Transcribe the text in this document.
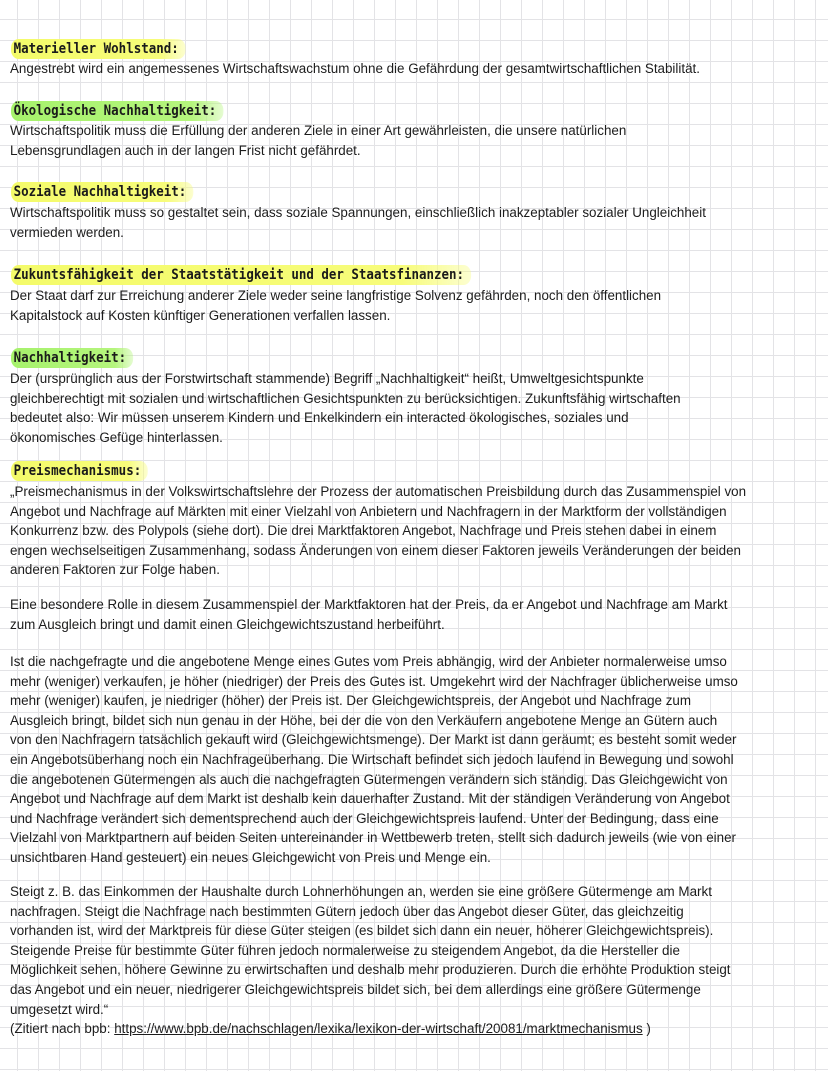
Materieller Wohlstand:
Angestrebt wird ein angemessenes Wirtschaftswachstum ohne die Gefährdung der gesamtwirtschaftlichen Stabilität.
Ökologische Nachhaltigkeit:
Wirtschaftspolitik muss die Erfüllung der anderen Ziele in einer Art gewährleisten, die unsere natürlichen
Lebensgrundlagen auch in der langen Frist nicht gefährdet.
Soziale Nachhaltigkeit:
Wirtschaftspolitik muss so gestaltet sein, dass soziale Spannungen, einschließlich inakzeptabler sozialer Ungleichheit
vermieden werden.
Zukuntsfähigkeit der Staatstätigkeit und der Staatsfinanzen:
Der Staat darf zur Erreichung anderer Ziele weder seine langfristige Solvenz gefährden, noch den öffentlichen
Kapitalstock auf Kosten künftiger Generationen verfallen lassen.
Nachhaltigkeit:
Der (ursprünglich aus der Forstwirtschaft stammende) Begriff „Nachhaltigkeit“ heißt, Umweltgesichtspunkte
gleichberechtigt mit sozialen und wirtschaftlichen Gesichtspunkten zu berücksichtigen. Zukunftsfähig wirtschaften
bedeutet also: Wir müssen unserem Kindern und Enkelkindern ein interacted ökologisches, soziales und
ökonomisches Gefüge hinterlassen.
Preismechanismus:
„Preismechanismus in der Volkswirtschaftslehre der Prozess der automatischen Preisbildung durch das Zusammenspiel von
Angebot und Nachfrage auf Märkten mit einer Vielzahl von Anbietern und Nachfragern in der Marktform der vollständigen
Konkurrenz bzw. des Polypols (siehe dort). Die drei Marktfaktoren Angebot, Nachfrage und Preis stehen dabei in einem
engen wechselseitigen Zusammenhang, sodass Änderungen von einem dieser Faktoren jeweils Veränderungen der beiden
anderen Faktoren zur Folge haben.
Eine besondere Rolle in diesem Zusammenspiel der Marktfaktoren hat der Preis, da er Angebot und Nachfrage am Markt
zum Ausgleich bringt und damit einen Gleichgewichtszustand herbeiführt.
Ist die nachgefragte und die angebotene Menge eines Gutes vom Preis abhängig, wird der Anbieter normalerweise umso
mehr (weniger) verkaufen, je höher (niedriger) der Preis des Gutes ist. Umgekehrt wird der Nachfrager üblicherweise umso
mehr (weniger) kaufen, je niedriger (höher) der Preis ist. Der Gleichgewichtspreis, der Angebot und Nachfrage zum
Ausgleich bringt, bildet sich nun genau in der Höhe, bei der die von den Verkäufern angebotene Menge an Gütern auch
von den Nachfragern tatsächlich gekauft wird (Gleichgewichtsmenge). Der Markt ist dann geräumt; es besteht somit weder
ein Angebotsüberhang noch ein Nachfrageüberhang. Die Wirtschaft befindet sich jedoch laufend in Bewegung und sowohl
die angebotenen Gütermengen als auch die nachgefragten Gütermengen verändern sich ständig. Das Gleichgewicht von
Angebot und Nachfrage auf dem Markt ist deshalb kein dauerhafter Zustand. Mit der ständigen Veränderung von Angebot
und Nachfrage verändert sich dementsprechend auch der Gleichgewichtspreis laufend. Unter der Bedingung, dass eine
Vielzahl von Marktpartnern auf beiden Seiten untereinander in Wettbewerb treten, stellt sich dadurch jeweils (wie von einer
unsichtbaren Hand gesteuert) ein neues Gleichgewicht von Preis und Menge ein.
Steigt z. B. das Einkommen der Haushalte durch Lohnerhöhungen an, werden sie eine größere Gütermenge am Markt
nachfragen. Steigt die Nachfrage nach bestimmten Gütern jedoch über das Angebot dieser Güter, das gleichzeitig
vorhanden ist, wird der Marktpreis für diese Güter steigen (es bildet sich dann ein neuer, höherer Gleichgewichtspreis).
Steigende Preise für bestimmte Güter führen jedoch normalerweise zu steigendem Angebot, da die Hersteller die
Möglichkeit sehen, höhere Gewinne zu erwirtschaften und deshalb mehr produzieren. Durch die erhöhte Produktion steigt
das Angebot und ein neuer, niedrigerer Gleichgewichtspreis bildet sich, bei dem allerdings eine größere Gütermenge
umgesetzt wird.“
(Zitiert nach bpb: https://www.bpb.de/nachschlagen/lexika/lexikon-der-wirtschaft/20081/marktmechanismus )
